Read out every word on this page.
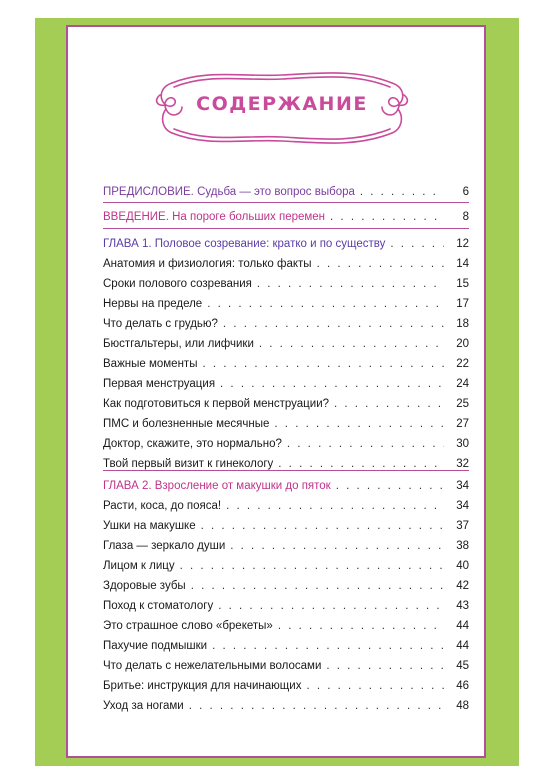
СОДЕРЖАНИЕ
ПРЕДИСЛОВИЕ. Судьба — это вопрос выбора . . .	6
ВВЕДЕНИЕ. На пороге больших перемен . . .	8
ГЛАВА 1. Половое созревание: кратко и по существу . . .	12
Анатомия и физиология: только факты . . .	14
Сроки полового созревания . . .	15
Нервы на пределе . . .	17
Что делать с грудью? . . .	18
Бюстгальтеры, или лифчики . . .	20
Важные моменты . . .	22
Первая менструация . . .	24
Как подготовиться к первой менструации? . . .	25
ПМС и болезненные месячные . . .	27
Доктор, скажите, это нормально? . . .	30
Твой первый визит к гинекологу . . .	32
ГЛАВА 2. Взросление от макушки до пяток . . .	34
Расти, коса, до пояса! . . .	34
Ушки на макушке . . .	37
Глаза — зеркало души . . .	38
Лицом к лицу . . .	40
Здоровые зубы . . .	42
Поход к стоматологу . . .	43
Это страшное слово «брекеты» . . .	44
Пахучие подмышки . . .	44
Что делать с нежелательными волосами . . .	45
Бритье: инструкция для начинающих . . .	46
Уход за ногами . . .	48
